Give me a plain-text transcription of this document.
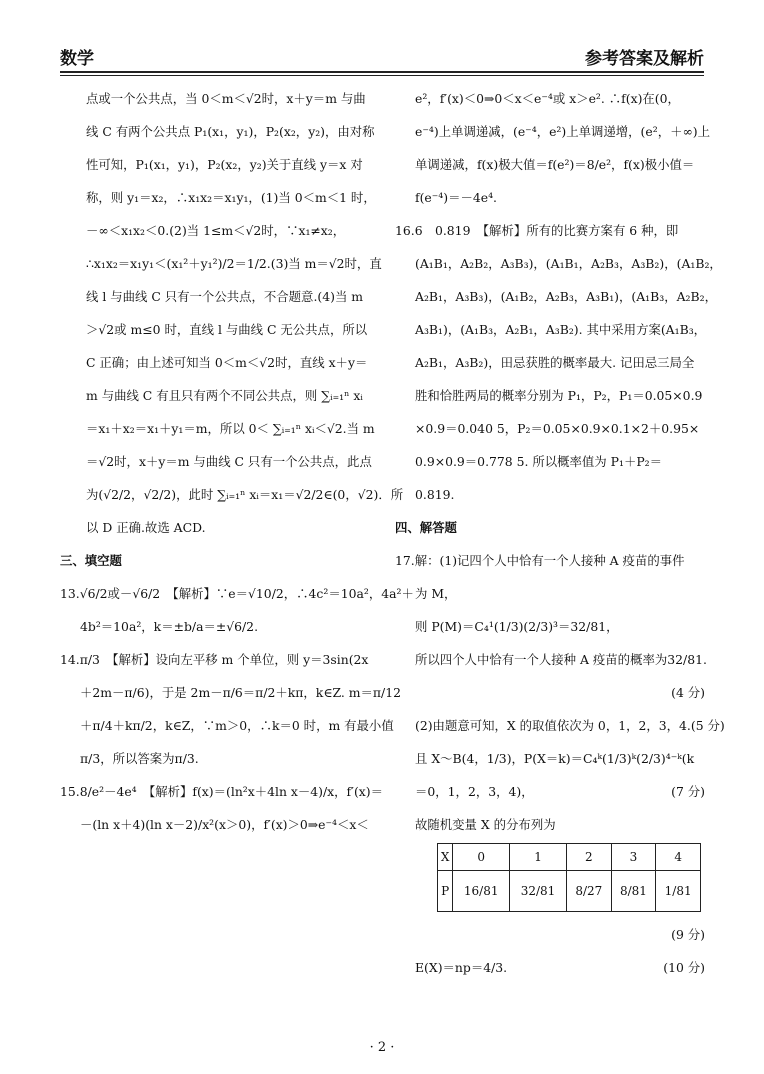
数学	参考答案及解析

点或一个公共点，当 0＜m＜√2时，x＋y＝m 与曲

线 C 有两个公共点 P₁(x₁，y₁)，P₂(x₂，y₂)，由对称

性可知，P₁(x₁，y₁)，P₂(x₂，y₂)关于直线 y＝x 对

称，则 y₁＝x₂，∴x₁x₂＝x₁y₁，(1)当 0＜m＜1 时，

－∞＜x₁x₂＜0.(2)当 1≤m＜√2时，∵x₁≠x₂，

∴x₁x₂＝x₁y₁＜(x₁²＋y₁²)/2＝1/2.(3)当 m＝√2时，直

线 l 与曲线 C 只有一个公共点，不合题意.(4)当 m

＞√2或 m≤0 时，直线 l 与曲线 C 无公共点，所以

C 正确；由上述可知当 0＜m＜√2时，直线 x＋y＝

m 与曲线 C 有且只有两个不同公共点，则 ∑ᵢ₌₁ⁿ xᵢ

＝x₁＋x₂＝x₁＋y₁＝m，所以 0＜ ∑ᵢ₌₁ⁿ xᵢ＜√2.当 m

＝√2时，x＋y＝m 与曲线 C 只有一个公共点，此点

为(√2/2，√2/2)，此时 ∑ᵢ₌₁ⁿ xᵢ＝x₁＝√2/2∈(0，√2)．所

以 D 正确.故选 ACD.

三、填空题

13.√6/2或－√6/2　【解析】∵e＝√10/2，∴4c²＝10a²，4a²＋

4b²＝10a²，k＝±b/a＝±√6/2.

14.π/3　【解析】设向左平移 m 个单位，则 y＝3sin(2x

＋2m－π/6)，于是 2m－π/6＝π/2＋kπ，k∈Z. m＝π/12

＋π/4＋kπ/2，k∈Z，∵m＞0，∴k＝0 时，m 有最小值

π/3，所以答案为π/3.

15.8/e²－4e⁴　【解析】f(x)＝(ln²x＋4ln x－4)/x，f′(x)＝

－(ln x＋4)(ln x－2)/x²(x＞0)，f′(x)＞0⇒e⁻⁴＜x＜

e²，f′(x)＜0⇒0＜x＜e⁻⁴或 x＞e². ∴f(x)在(0，

e⁻⁴)上单调递减，(e⁻⁴，e²)上单调递增，(e²，＋∞)上

单调递减，f(x)极大值＝f(e²)＝8/e²，f(x)极小值＝

f(e⁻⁴)＝－4e⁴.

16.6　0.819　【解析】所有的比赛方案有 6 种，即

(A₁B₁，A₂B₂，A₃B₃)，(A₁B₁，A₂B₃，A₃B₂)，(A₁B₂，

A₂B₁，A₃B₃)，(A₁B₂，A₂B₃，A₃B₁)，(A₁B₃，A₂B₂，

A₃B₁)，(A₁B₃，A₂B₁，A₃B₂). 其中采用方案(A₁B₃，

A₂B₁，A₃B₂)，田忌获胜的概率最大. 记田忌三局全

胜和恰胜两局的概率分别为 P₁，P₂，P₁＝0.05×0.9

×0.9＝0.040 5，P₂＝0.05×0.9×0.1×2＋0.95×

0.9×0.9＝0.778 5. 所以概率值为 P₁＋P₂＝

0.819.

四、解答题

17.解：(1)记四个人中恰有一个人接种 A 疫苗的事件

为 M，

则 P(M)＝C₄¹(1/3)(2/3)³＝32/81，

所以四个人中恰有一个人接种 A 疫苗的概率为32/81.

(4 分)

(2)由题意可知，X 的取值依次为 0，1，2，3，4.(5 分)

且 X～B(4，1/3)，P(X＝k)＝C₄ᵏ(1/3)ᵏ(2/3)⁴⁻ᵏ(k

＝0，1，2，3，4)，	(7 分)

故随机变量 X 的分布列为

X	0	1	2	3	4
P	16/81	32/81	8/27	8/81	1/81

(9 分)

E(X)＝np＝4/3.	(10 分)

· 2 ·
